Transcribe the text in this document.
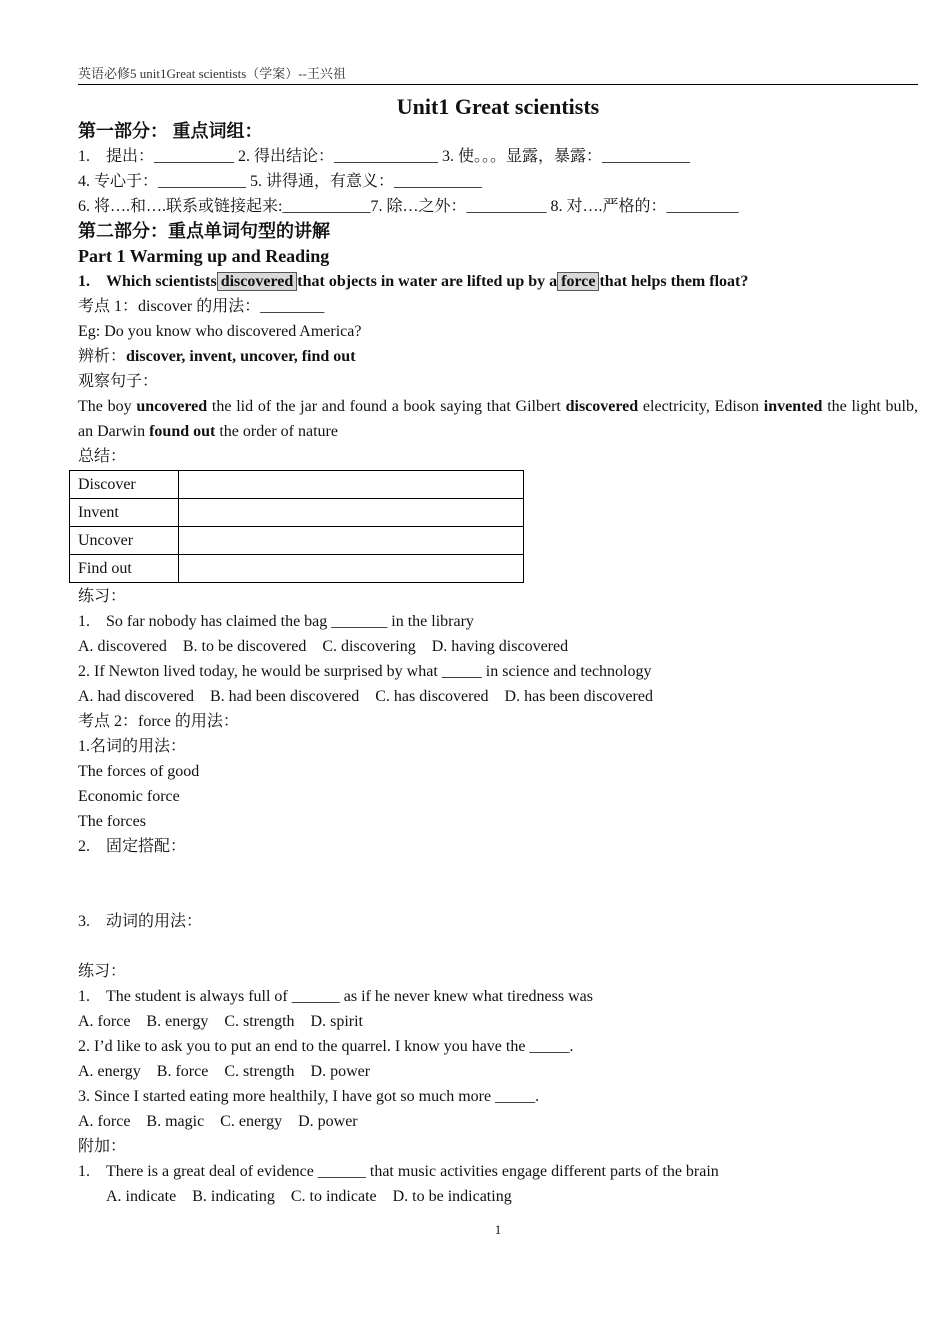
英语必修5 unit1Great scientists（学案）--王兴祖
Unit1 Great scientists
第一部分： 重点词组：
1.　提出：__________ 2. 得出结论：_____________ 3. 使。。。显露，暴露：___________
4. 专心于：___________ 5. 讲得通，有意义：___________
6. 将….和….联系或链接起来:___________7. 除…之外：__________ 8. 对….严格的：_________
第二部分：重点单词句型的讲解
Part 1 Warming up and Reading
1.　Which scientists discovered that objects in water are lifted up by a force that helps them float?
考点 1：discover 的用法：________
Eg: Do you know who discovered America?
辨析：discover, invent, uncover, find out
观察句子：
The boy uncovered the lid of the jar and found a book saying that Gilbert discovered electricity, Edison invented the light bulb, an Darwin found out the order of nature
总结：
Discover	
Invent	
Uncover	
Find out	
练习：
1.　So far nobody has claimed the bag _______ in the library
A. discovered　B. to be discovered　C. discovering　D. having discovered
2. If Newton lived today, he would be surprised by what _____ in science and technology
A. had discovered　B. had been discovered　C. has discovered　D. has been discovered
考点 2：force 的用法：
1.名词的用法：
The forces of good
Economic force
The forces
2.　固定搭配：
3.　动词的用法：
练习：
1.　The student is always full of ______ as if he never knew what tiredness was
A. force　B. energy　C. strength　D. spirit
2. I’d like to ask you to put an end to the quarrel. I know you have the _____.
A. energy　B. force　C. strength　D. power
3. Since I started eating more healthily, I have got so much more _____.
A. force　B. magic　C. energy　D. power
附加：
1.　There is a great deal of evidence ______ that music activities engage different parts of the brain
A. indicate　B. indicating　C. to indicate　D. to be indicating
1
